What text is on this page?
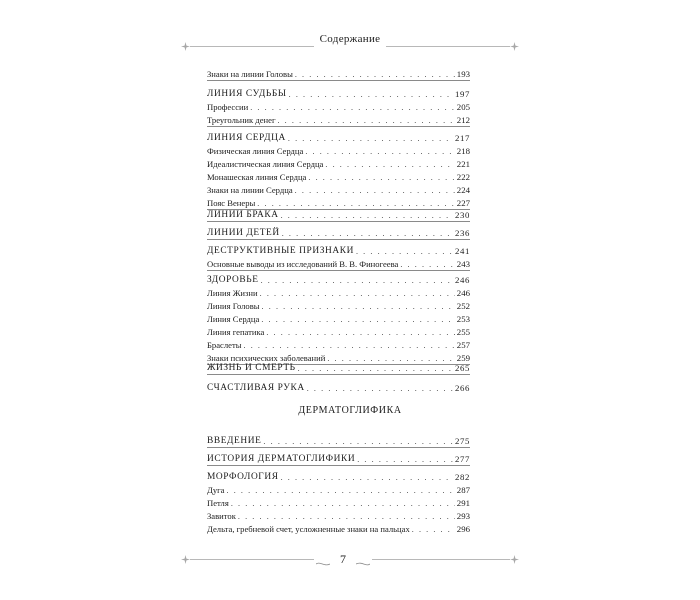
Содержание
Знаки на линии Головы . . .	193
ЛИНИЯ СУДЬБЫ . . .	197
Профессии . . .	205
Треугольник денег . . .	212
ЛИНИЯ СЕРДЦА . . .	217
Физическая линия Сердца . . .	218
Идеалистическая линия Сердца . . .	221
Монашеская линия Сердца . . .	222
Знаки на линии Сердца . . .	224
Пояс Венеры . . .	227
ЛИНИИ БРАКА . . .	230
ЛИНИИ ДЕТЕЙ . . .	236
ДЕСТРУКТИВНЫЕ ПРИЗНАКИ . . .	241
Основные выводы из исследований В. В. Финогеева . . .	243
ЗДОРОВЬЕ . . .	246
Линия Жизни . . .	246
Линия Головы . . .	252
Линия Сердца . . .	253
Линия гепатика . . .	255
Браслеты . . .	257
Знаки психических заболеваний . . .	259
ЖИЗНЬ И СМЕРТЬ . . .	265
СЧАСТЛИВАЯ РУКА . . .	266
ДЕРМАТОГЛИФИКА
ВВЕДЕНИЕ . . .	275
ИСТОРИЯ ДЕРМАТОГЛИФИКИ . . .	277
МОРФОЛОГИЯ . . .	282
Дуга . . .	287
Петля . . .	291
Завиток . . .	293
Дельта, гребневой счет, усложненные знаки на пальцах . . .	296
7
